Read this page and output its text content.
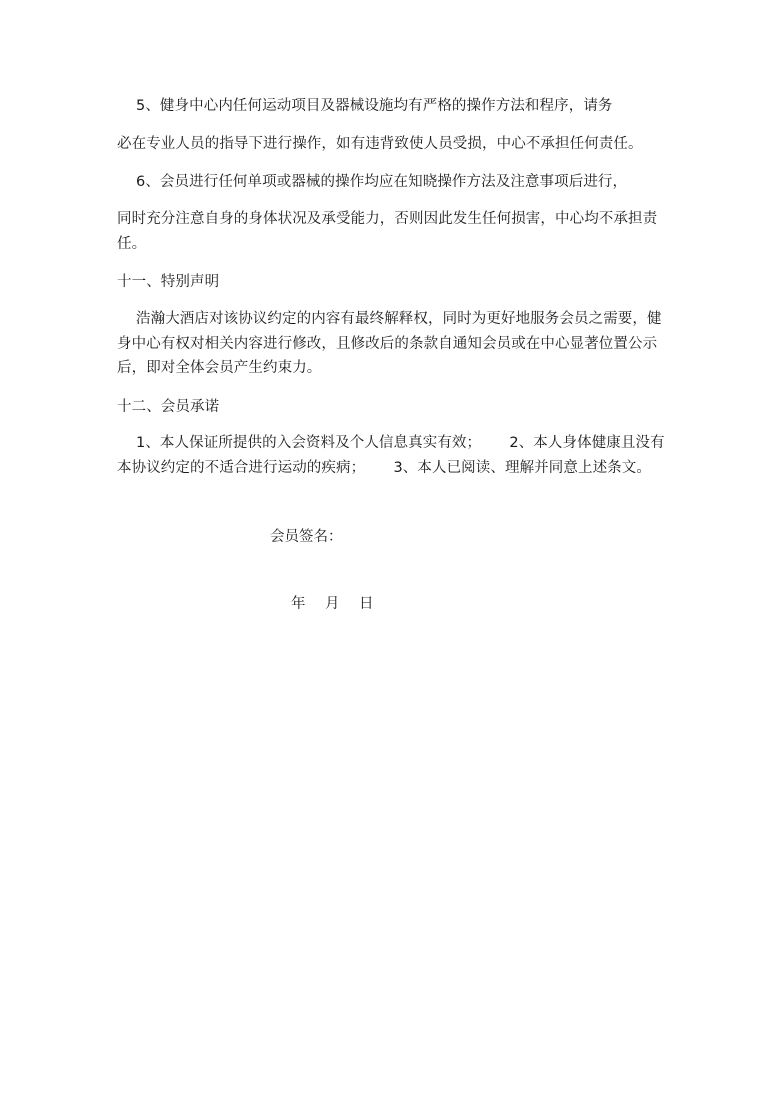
5、健身中心内任何运动项目及器械设施均有严格的操作方法和程序，请务
必在专业人员的指导下进行操作，如有违背致使人员受损，中心不承担任何责任。
6、会员进行任何单项或器械的操作均应在知晓操作方法及注意事项后进行，
同时充分注意自身的身体状况及承受能力，否则因此发生任何损害，中心均不承担责
任。
十一、特别声明
浩瀚大酒店对该协议约定的内容有最终解释权，同时为更好地服务会员之需要，健
身中心有权对相关内容进行修改，且修改后的条款自通知会员或在中心显著位置公示
后，即对全体会员产生约束力。
十二、会员承诺
1、本人保证所提供的入会资料及个人信息真实有效；      2、本人身体健康且没有
本协议约定的不适合进行运动的疾病；      3、本人已阅读、理解并同意上述条文。
会员签名：
年 月 日
